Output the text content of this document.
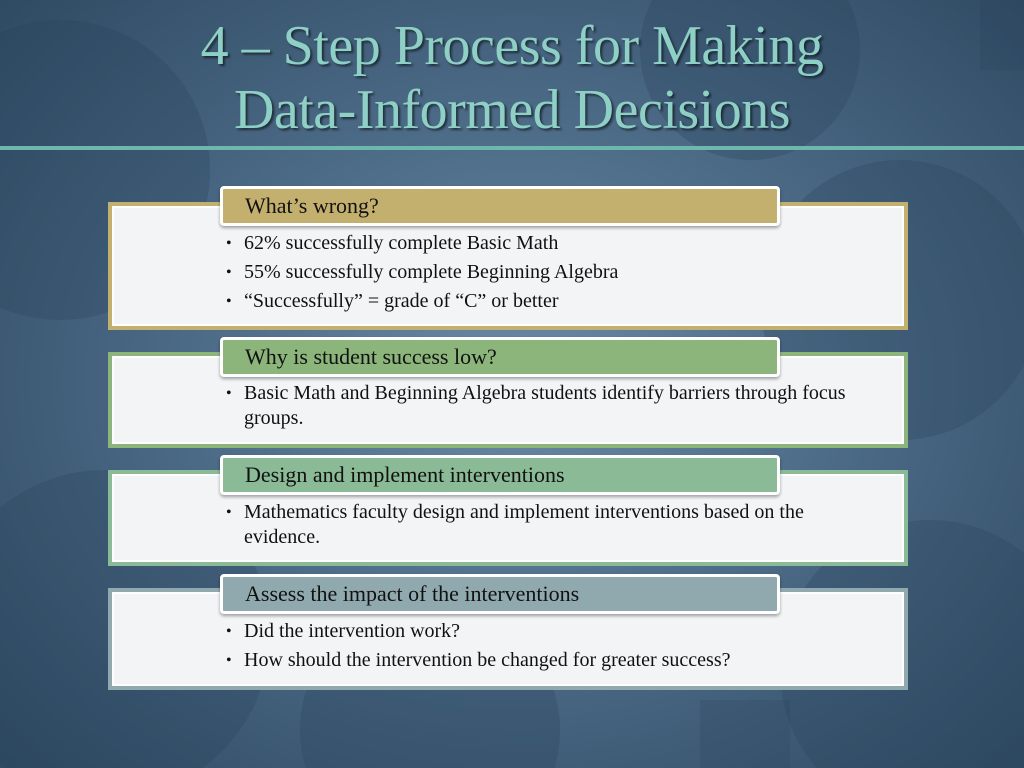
4 – Step Process for Making
Data-Informed Decisions
What’s wrong?
• 62% successfully complete Basic Math
• 55% successfully complete Beginning Algebra
• “Successfully” = grade of “C” or better
Why is student success low?
• Basic Math and Beginning Algebra students identify barriers through focus groups.
Design and implement interventions
• Mathematics faculty design and implement interventions based on the evidence.
Assess the impact of the interventions
• Did the intervention work?
• How should the intervention be changed for greater success?
